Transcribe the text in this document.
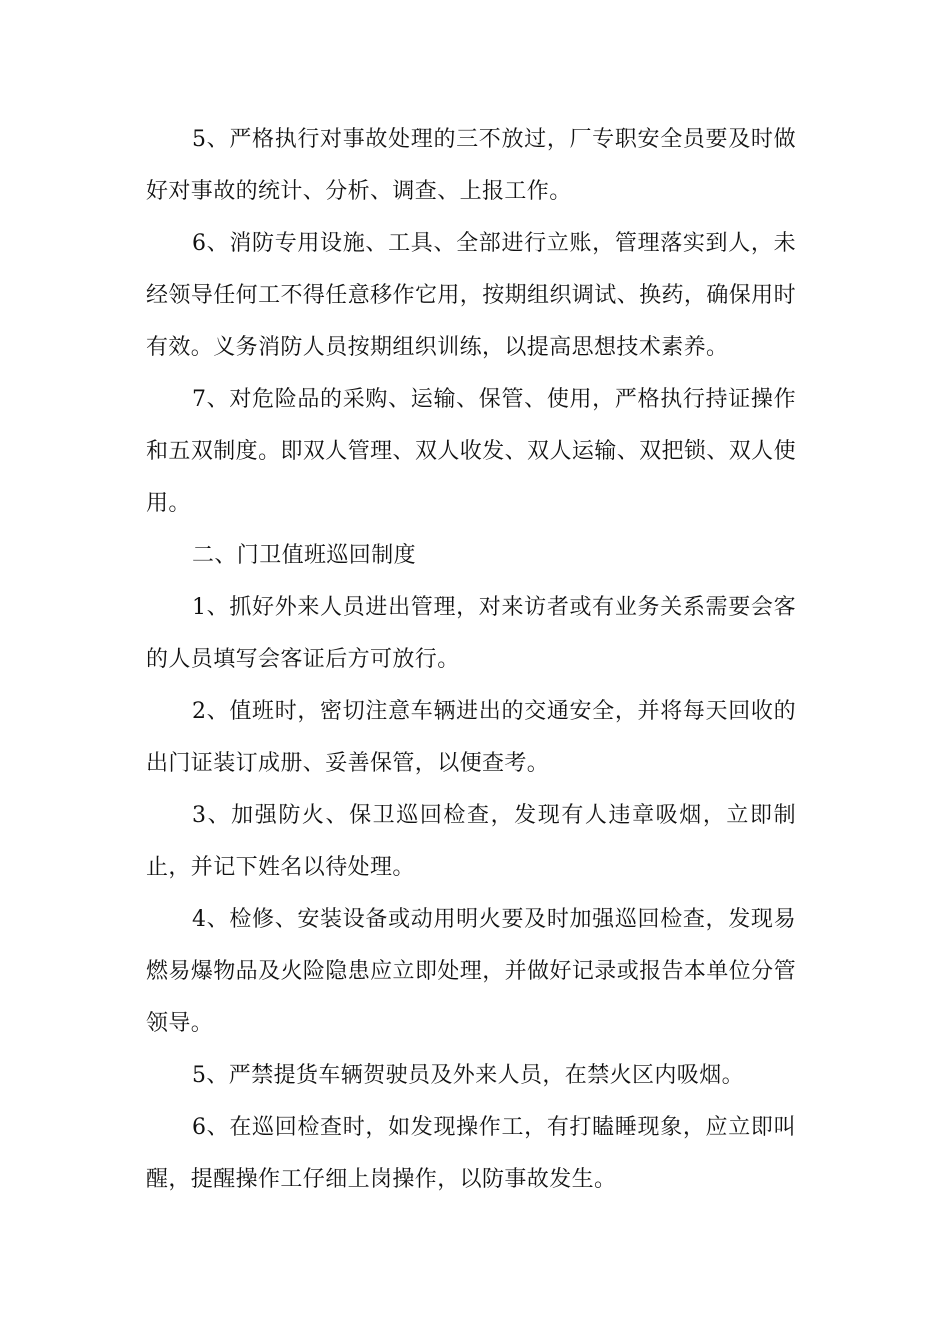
5、严格执行对事故处理的三不放过，厂专职安全员要及时做好对事故的统计、分析、调查、上报工作。

6、消防专用设施、工具、全部进行立账，管理落实到人，未经领导任何工不得任意移作它用，按期组织调试、换药，确保用时有效。义务消防人员按期组织训练，以提高思想技术素养。

7、对危险品的采购、运输、保管、使用，严格执行持证操作和五双制度。即双人管理、双人收发、双人运输、双把锁、双人使用。

二、门卫值班巡回制度

1、抓好外来人员进出管理，对来访者或有业务关系需要会客的人员填写会客证后方可放行。

2、值班时，密切注意车辆进出的交通安全，并将每天回收的出门证装订成册、妥善保管，以便查考。

3、加强防火、保卫巡回检查，发现有人违章吸烟，立即制止，并记下姓名以待处理。

4、检修、安装设备或动用明火要及时加强巡回检查，发现易燃易爆物品及火险隐患应立即处理，并做好记录或报告本单位分管领导。

5、严禁提货车辆贺驶员及外来人员，在禁火区内吸烟。

6、在巡回检查时，如发现操作工，有打瞌睡现象，应立即叫醒，提醒操作工仔细上岗操作，以防事故发生。
